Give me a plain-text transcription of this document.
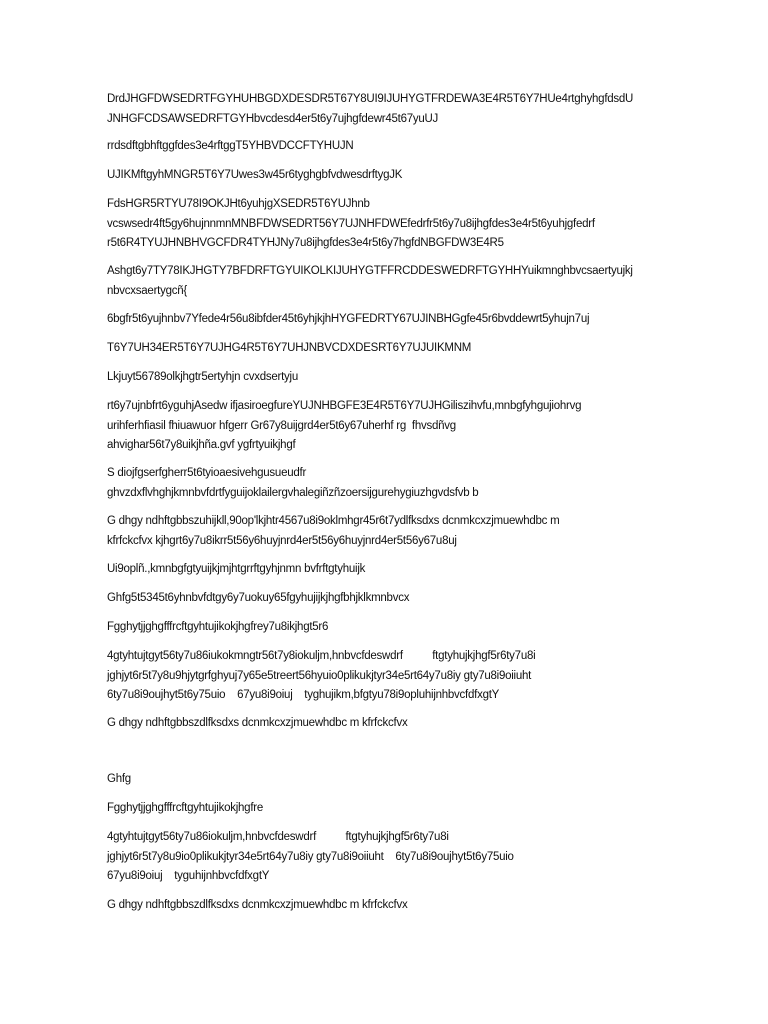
DrdJHGFDWSEDRTFGYHUHBGDXDESDR5T67Y8UI9IJUHYGTFRDEWA3E4R5T6Y7HUe4rtghyhgfdsdU
JNHGFCDSAWSEDRFTGYHbvcdesd4er5t6y7ujhgfdewr45t67yuUJ

rrdsdftgbhftggfdes3e4rftggT5YHBVDCCFTYHUJN

UJIKMftgyhMNGR5T6Y7Uwes3w45r6tyghgbfvdwesdrftygJK

FdsHGR5RTYU78I9OKJHt6yuhjgXSEDR5T6YUJhnb
vcswsedr4ft5gy6hujnnmnMNBFDWSEDRT56Y7UJNHFDWEfedrfr5t6y7u8ijhgfdes3e4r5t6yuhjgfedrf
r5t6R4TYUJHNBHVGCFDR4TYHJNy7u8ijhgfdes3e4r5t6y7hgfdNBGFDW3E4R5

Ashgt6y7TY78IKJHGTY7BFDRFTGYUIKOLKIJUHYGTFFRCDDESWEDRFTGYHHYuikmnghbvcsaertyujkj
nbvcxsaertygcñ{

6bgfr5t6yujhnbv7Yfede4r56u8ibfder45t6yhjkjhHYGFEDRTY67UJINBHGgfe45r6bvddewrt5yhujn7uj

T6Y7UH34ER5T6Y7UJHG4R5T6Y7UHJNBVCDXDESRT6Y7UJUIKMNM

Lkjuyt56789olkjhgtr5ertyhjn cvxdsertyju

rt6y7ujnbfrt6yguhjAsedw ifjasiroegfureYUJNHBGFE3E4R5T6Y7UJHGiliszihvfu,mnbgfyhgujiohrvg
urihferhfiasil fhiuawuor hfgerr Gr67y8uijgrd4er5t6y67uherhf rg  fhvsdñvg
ahvighar56t7y8uikjhña.gvf ygfrtyuikjhgf

S diojfgserfgherr5t6tyioaesivehgusueudfr
ghvzdxflvhghjkmnbvfdrtfyguijoklailergvhalegiñzñzoersijgurehygiuzhgvdsfvb b

G dhgy ndhftgbbszuhijkll,90op'lkjhtr4567u8i9oklmhgr45r6t7ydlfksdxs dcnmkcxzjmuewhdbc m
kfrfckcfvx kjhgrt6y7u8ikrr5t56y6huyjnrd4er5t56y6huyjnrd4er5t56y67u8uj

Ui9oplñ.,kmnbgfgtyuijkjmjhtgrrftgyhjnmn bvfrftgtyhuijk

Ghfg5t5345t6yhnbvfdtgy6y7uokuy65fgyhujijkjhgfbhjklkmnbvcx

Fgghytjjghgfffrcftgyhtujikokjhgfrey7u8ikjhgt5r6

4gtyhtujtgyt56ty7u86iukokmngtr56t7y8iokuljm,hnbvcfdeswdrf          ftgtyhujkjhgf5r6ty7u8i
jghjyt6r5t7y8u9hjytgrfghyuj7y65e5treert56hyuio0plikukjtyr34e5rt64y7u8iy gty7u8i9oiiuht
6ty7u8i9oujhyt5t6y75uio    67yu8i9oiuj    tyghujikm,bfgtyu78i9opluhijnhbvcfdfxgtY

G dhgy ndhftgbbszdlfksdxs dcnmkcxzjmuewhdbc m kfrfckcfvx

Ghfg

Fgghytjjghgfffrcftgyhtujikokjhgfre

4gtyhtujtgyt56ty7u86iokuljm,hnbvcfdeswdrf          ftgtyhujkjhgf5r6ty7u8i
jghjyt6r5t7y8u9io0plikukjtyr34e5rt64y7u8iy gty7u8i9oiiuht    6ty7u8i9oujhyt5t6y75uio
67yu8i9oiuj    tyguhijnhbvcfdfxgtY

G dhgy ndhftgbbszdlfksdxs dcnmkcxzjmuewhdbc m kfrfckcfvx
